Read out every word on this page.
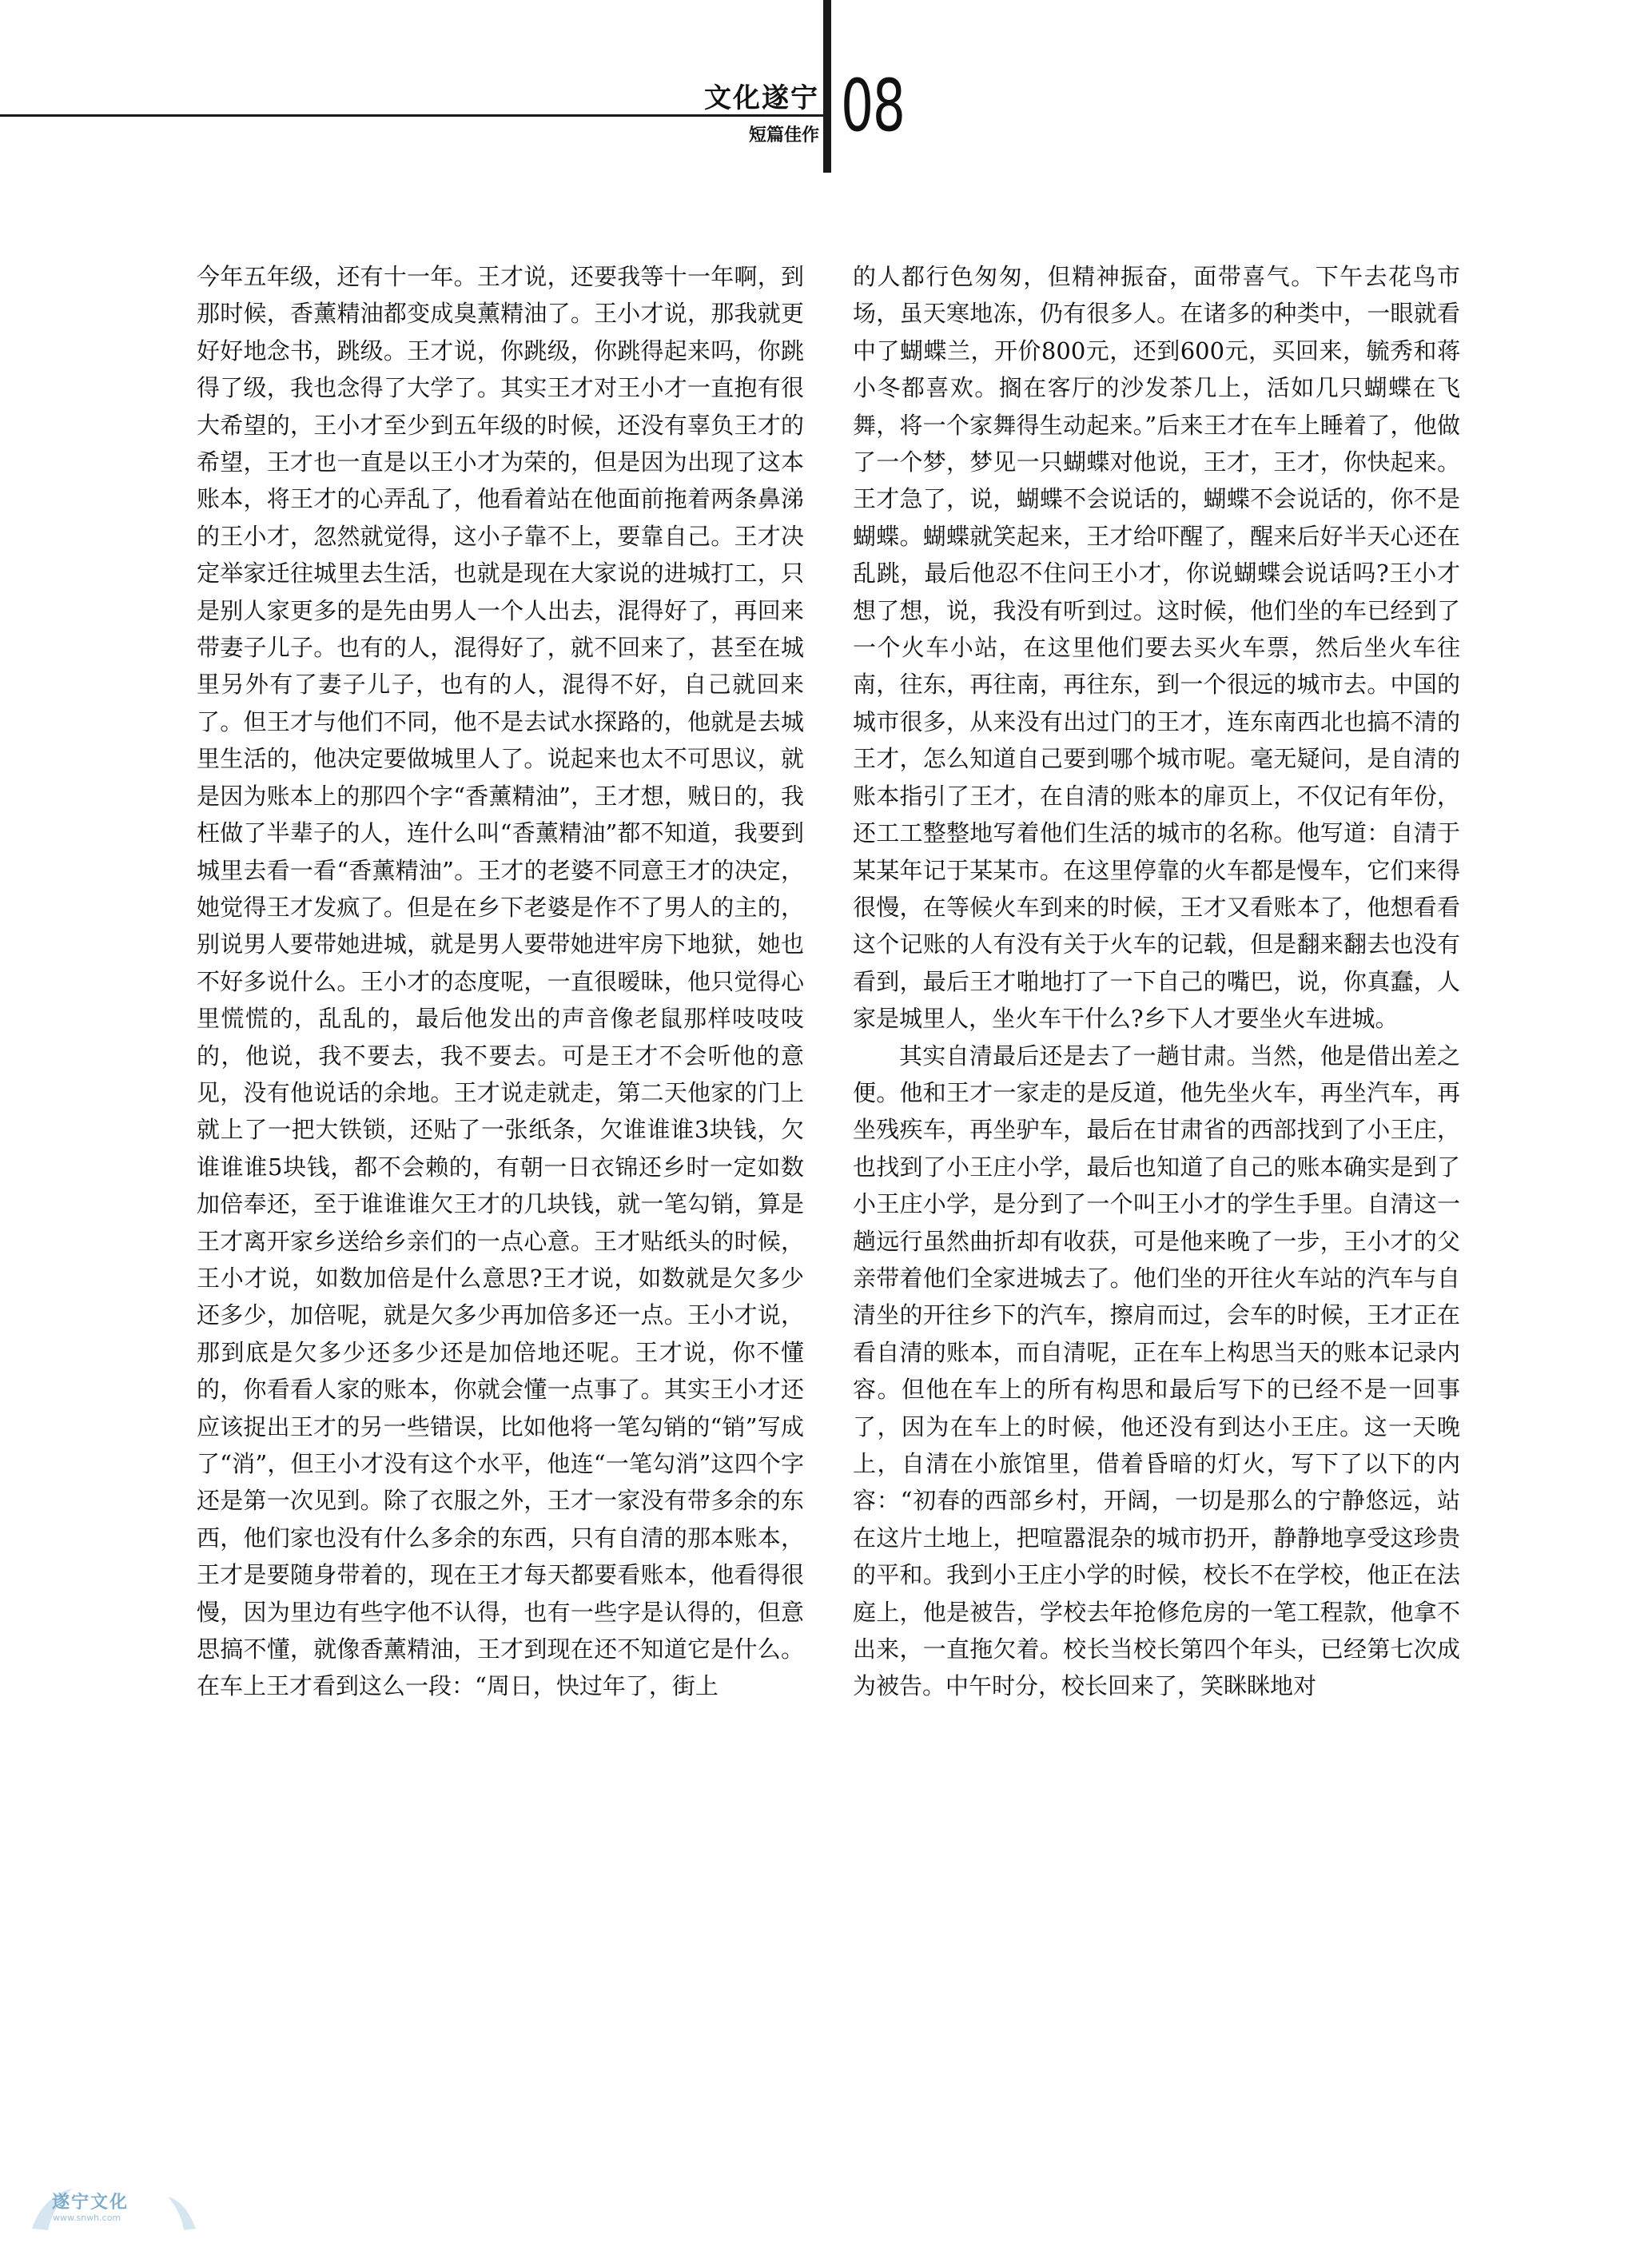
文化遂宁
短篇佳作 08

今年五年级，还有十一年。王才说，还要我等十一年啊，到那时候，香薰精油都变成臭薰精油了。王小才说，那我就更好好地念书，跳级。王才说，你跳级，你跳得起来吗，你跳得了级，我也念得了大学了。其实王才对王小才一直抱有很大希望的，王小才至少到五年级的时候，还没有辜负王才的希望，王才也一直是以王小才为荣的，但是因为出现了这本账本，将王才的心弄乱了，他看着站在他面前拖着两条鼻涕的王小才，忽然就觉得，这小子靠不上，要靠自己。王才决定举家迁往城里去生活，也就是现在大家说的进城打工，只是别人家更多的是先由男人一个人出去，混得好了，再回来带妻子儿子。也有的人，混得好了，就不回来了，甚至在城里另外有了妻子儿子，也有的人，混得不好，自己就回来了。但王才与他们不同，他不是去试水探路的，他就是去城里生活的，他决定要做城里人了。说起来也太不可思议，就是因为账本上的那四个字“香薰精油”，王才想，贼日的，我枉做了半辈子的人，连什么叫“香薰精油”都不知道，我要到城里去看一看“香薰精油”。王才的老婆不同意王才的决定，她觉得王才发疯了。但是在乡下老婆是作不了男人的主的，别说男人要带她进城，就是男人要带她进牢房下地狱，她也不好多说什么。王小才的态度呢，一直很暧昧，他只觉得心里慌慌的，乱乱的，最后他发出的声音像老鼠那样吱吱吱的，他说，我不要去，我不要去。可是王才不会听他的意见，没有他说话的余地。王才说走就走，第二天他家的门上就上了一把大铁锁，还贴了一张纸条，欠谁谁谁3块钱，欠谁谁谁5块钱，都不会赖的，有朝一日衣锦还乡时一定如数加倍奉还，至于谁谁谁欠王才的几块钱，就一笔勾销，算是王才离开家乡送给乡亲们的一点心意。王才贴纸头的时候，王小才说，如数加倍是什么意思?王才说，如数就是欠多少还多少，加倍呢，就是欠多少再加倍多还一点。王小才说，那到底是欠多少还多少还是加倍地还呢。王才说，你不懂的，你看看人家的账本，你就会懂一点事了。其实王小才还应该捉出王才的另一些错误，比如他将一笔勾销的“销”写成了“消”，但王小才没有这个水平，他连“一笔勾消”这四个字还是第一次见到。除了衣服之外，王才一家没有带多余的东西，他们家也没有什么多余的东西，只有自清的那本账本，王才是要随身带着的，现在王才每天都要看账本，他看得很慢，因为里边有些字他不认得，也有一些字是认得的，但意思搞不懂，就像香薰精油，王才到现在还不知道它是什么。在车上王才看到这么一段：“周日，快过年了，街上

的人都行色匆匆，但精神振奋，面带喜气。下午去花鸟市场，虽天寒地冻，仍有很多人。在诸多的种类中，一眼就看中了蝴蝶兰，开价800元，还到600元，买回来，毓秀和蒋小冬都喜欢。搁在客厅的沙发茶几上，活如几只蝴蝶在飞舞，将一个家舞得生动起来。”后来王才在车上睡着了，他做了一个梦，梦见一只蝴蝶对他说，王才，王才，你快起来。王才急了，说，蝴蝶不会说话的，蝴蝶不会说话的，你不是蝴蝶。蝴蝶就笑起来，王才给吓醒了，醒来后好半天心还在乱跳，最后他忍不住问王小才，你说蝴蝶会说话吗?王小才想了想，说，我没有听到过。这时候，他们坐的车已经到了一个火车小站，在这里他们要去买火车票，然后坐火车往南，往东，再往南，再往东，到一个很远的城市去。中国的城市很多，从来没有出过门的王才，连东南西北也搞不清的王才，怎么知道自己要到哪个城市呢。毫无疑问，是自清的账本指引了王才，在自清的账本的扉页上，不仅记有年份，还工工整整地写着他们生活的城市的名称。他写道：自清于某某年记于某某市。在这里停靠的火车都是慢车，它们来得很慢，在等候火车到来的时候，王才又看账本了，他想看看这个记账的人有没有关于火车的记载，但是翻来翻去也没有看到，最后王才啪地打了一下自己的嘴巴，说，你真蠢，人家是城里人，坐火车干什么?乡下人才要坐火车进城。

其实自清最后还是去了一趟甘肃。当然，他是借出差之便。他和王才一家走的是反道，他先坐火车，再坐汽车，再坐残疾车，再坐驴车，最后在甘肃省的西部找到了小王庄，也找到了小王庄小学，最后也知道了自己的账本确实是到了小王庄小学，是分到了一个叫王小才的学生手里。自清这一趟远行虽然曲折却有收获，可是他来晚了一步，王小才的父亲带着他们全家进城去了。他们坐的开往火车站的汽车与自清坐的开往乡下的汽车，擦肩而过，会车的时候，王才正在看自清的账本，而自清呢，正在车上构思当天的账本记录内容。但他在车上的所有构思和最后写下的已经不是一回事了，因为在车上的时候，他还没有到达小王庄。这一天晚上，自清在小旅馆里，借着昏暗的灯火，写下了以下的内容：“初春的西部乡村，开阔，一切是那么的宁静悠远，站在这片土地上，把喧嚣混杂的城市扔开，静静地享受这珍贵的平和。我到小王庄小学的时候，校长不在学校，他正在法庭上，他是被告，学校去年抢修危房的一笔工程款，他拿不出来，一直拖欠着。校长当校长第四个年头，已经第七次成为被告。中午时分，校长回来了，笑眯眯地对

遂宁文化
www.snwh.com
